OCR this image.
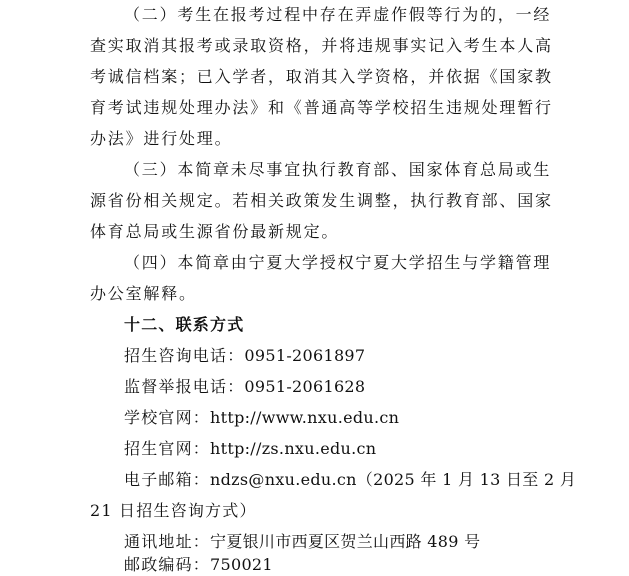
（二）考生在报考过程中存在弄虚作假等行为的，一经
查实取消其报考或录取资格，并将违规事实记入考生本人高
考诚信档案；已入学者，取消其入学资格，并依据《国家教
育考试违规处理办法》和《普通高等学校招生违规处理暂行
办法》进行处理。
（三）本简章未尽事宜执行教育部、国家体育总局或生
源省份相关规定。若相关政策发生调整，执行教育部、国家
体育总局或生源省份最新规定。
（四）本简章由宁夏大学授权宁夏大学招生与学籍管理
办公室解释。
十二、联系方式
招生咨询电话：0951-2061897
监督举报电话：0951-2061628
学校官网：http://www.nxu.edu.cn
招生官网：http://zs.nxu.edu.cn
电子邮箱：ndzs@nxu.edu.cn（2025 年 1 月 13 日至 2 月
21 日招生咨询方式）
通讯地址：宁夏银川市西夏区贺兰山西路 489 号
邮政编码：750021
